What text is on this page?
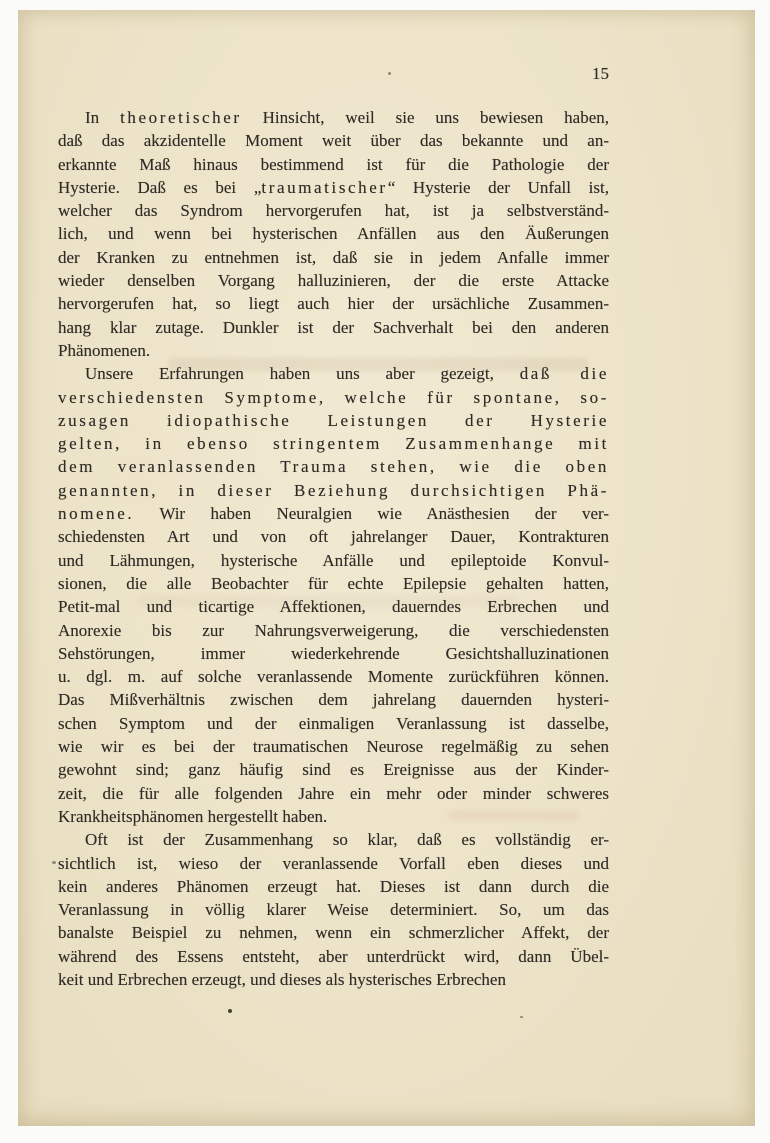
15
In theoretischer Hinsicht, weil sie uns bewiesen haben,
daß das akzidentelle Moment weit über das bekannte und an-
erkannte Maß hinaus bestimmend ist für die Pathologie der
Hysterie. Daß es bei „traumatischer“ Hysterie der Unfall ist,
welcher das Syndrom hervorgerufen hat, ist ja selbstverständ-
lich, und wenn bei hysterischen Anfällen aus den Äußerungen
der Kranken zu entnehmen ist, daß sie in jedem Anfalle immer
wieder denselben Vorgang halluzinieren, der die erste Attacke
hervorgerufen hat, so liegt auch hier der ursächliche Zusammen-
hang klar zutage. Dunkler ist der Sachverhalt bei den anderen
Phänomenen.
Unsere Erfahrungen haben uns aber gezeigt, daß die
verschiedensten Symptome, welche für spontane, so-
zusagen idiopathische Leistungen der Hysterie
gelten, in ebenso stringentem Zusammenhange mit
dem veranlassenden Trauma stehen, wie die oben
genannten, in dieser Beziehung durchsichtigen Phä-
nomene. Wir haben Neuralgien wie Anästhesien der ver-
schiedensten Art und von oft jahrelanger Dauer, Kontrakturen
und Lähmungen, hysterische Anfälle und epileptoide Konvul-
sionen, die alle Beobachter für echte Epilepsie gehalten hatten,
Petit-mal und ticartige Affektionen, dauerndes Erbrechen und
Anorexie bis zur Nahrungsverweigerung, die verschiedensten
Sehstörungen, immer wiederkehrende Gesichtshalluzinationen
u. dgl. m. auf solche veranlassende Momente zurückführen können.
Das Mißverhältnis zwischen dem jahrelang dauernden hysteri-
schen Symptom und der einmaligen Veranlassung ist dasselbe,
wie wir es bei der traumatischen Neurose regelmäßig zu sehen
gewohnt sind; ganz häufig sind es Ereignisse aus der Kinder-
zeit, die für alle folgenden Jahre ein mehr oder minder schweres
Krankheitsphänomen hergestellt haben.
Oft ist der Zusammenhang so klar, daß es vollständig er-
sichtlich ist, wieso der veranlassende Vorfall eben dieses und
kein anderes Phänomen erzeugt hat. Dieses ist dann durch die
Veranlassung in völlig klarer Weise determiniert. So, um das
banalste Beispiel zu nehmen, wenn ein schmerzlicher Affekt, der
während des Essens entsteht, aber unterdrückt wird, dann Übel-
keit und Erbrechen erzeugt, und dieses als hysterisches Erbrechen
